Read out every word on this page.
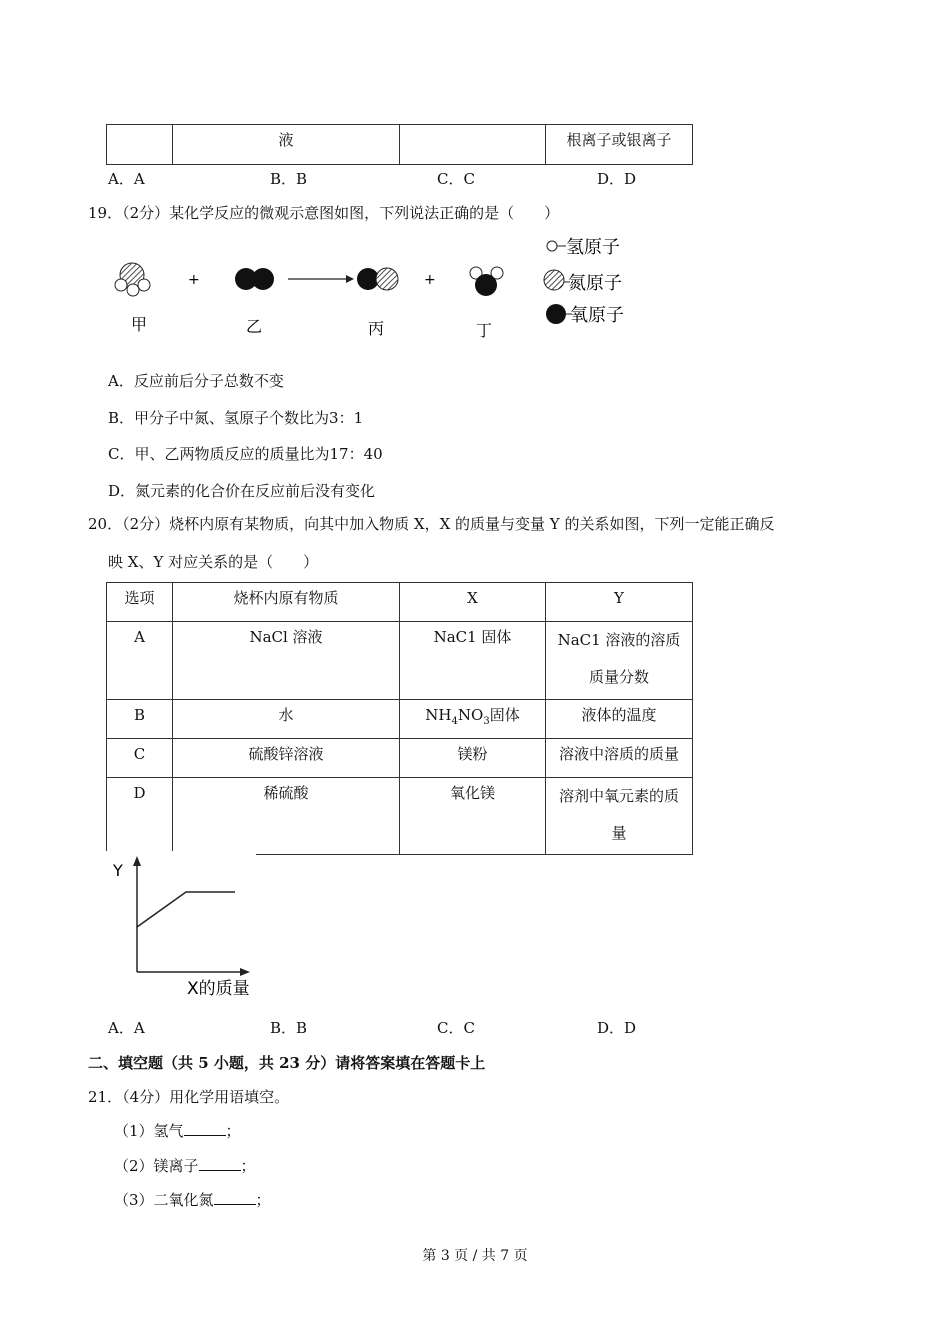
	液		根离子或银离子
A．A	B．B	C．C	D．D
19．（2分）某化学反应的微观示意图如图，下列说法正确的是（　　）
+	+
甲	乙	丙	丁
氢原子
氮原子
氧原子
A．反应前后分子总数不变
B．甲分子中氮、氢原子个数比为3：1
C．甲、乙两物质反应的质量比为17：40
D．氮元素的化合价在反应前后没有变化
20．（2分）烧杯内原有某物质，向其中加入物质 X，X 的质量与变量 Y 的关系如图，下列一定能正确反
映 X、Y 对应关系的是（　　）
选项	烧杯内原有物质	X	Y
A	NaCl 溶液	NaC1 固体	NaC1 溶液的溶质
质量分数

B	水	$NH_4NO_3$固体	液体的温度
C	硫酸锌溶液	镁粉	溶液中溶质的质量
D	稀硫酸	氧化镁	溶剂中氧元素的质
量
Y
X的质量
A．A	B．B	C．C	D．D
二、填空题（共 5 小题，共 23 分）请将答案填在答题卡上
21．（4分）用化学用语填空。
（1）氢气	；
（2）镁离子	；
（3）二氧化氮	；
第 3 页 / 共 7 页
